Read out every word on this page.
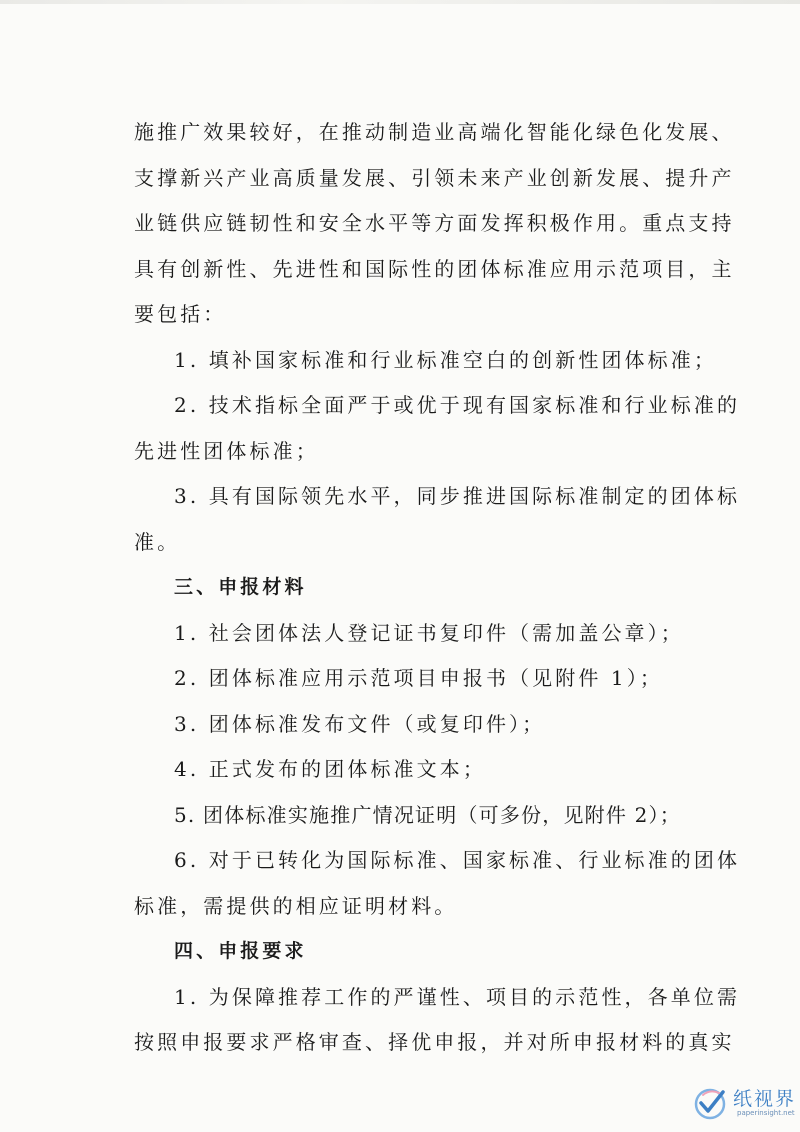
施推广效果较好，在推动制造业高端化智能化绿色化发展、
支撑新兴产业高质量发展、引领未来产业创新发展、提升产
业链供应链韧性和安全水平等方面发挥积极作用。重点支持
具有创新性、先进性和国际性的团体标准应用示范项目，主
要包括：
1. 填补国家标准和行业标准空白的创新性团体标准；
2. 技术指标全面严于或优于现有国家标准和行业标准的
先进性团体标准；
3. 具有国际领先水平，同步推进国际标准制定的团体标
准。
三、申报材料
1. 社会团体法人登记证书复印件（需加盖公章）；
2. 团体标准应用示范项目申报书（见附件 1）；
3. 团体标准发布文件（或复印件）；
4. 正式发布的团体标准文本；
5. 团体标准实施推广情况证明（可多份，见附件 2）；
6. 对于已转化为国际标准、国家标准、行业标准的团体
标准，需提供的相应证明材料。
四、申报要求
1. 为保障推荐工作的严谨性、项目的示范性，各单位需
按照申报要求严格审查、择优申报，并对所申报材料的真实
纸视界
paperinsight.net
